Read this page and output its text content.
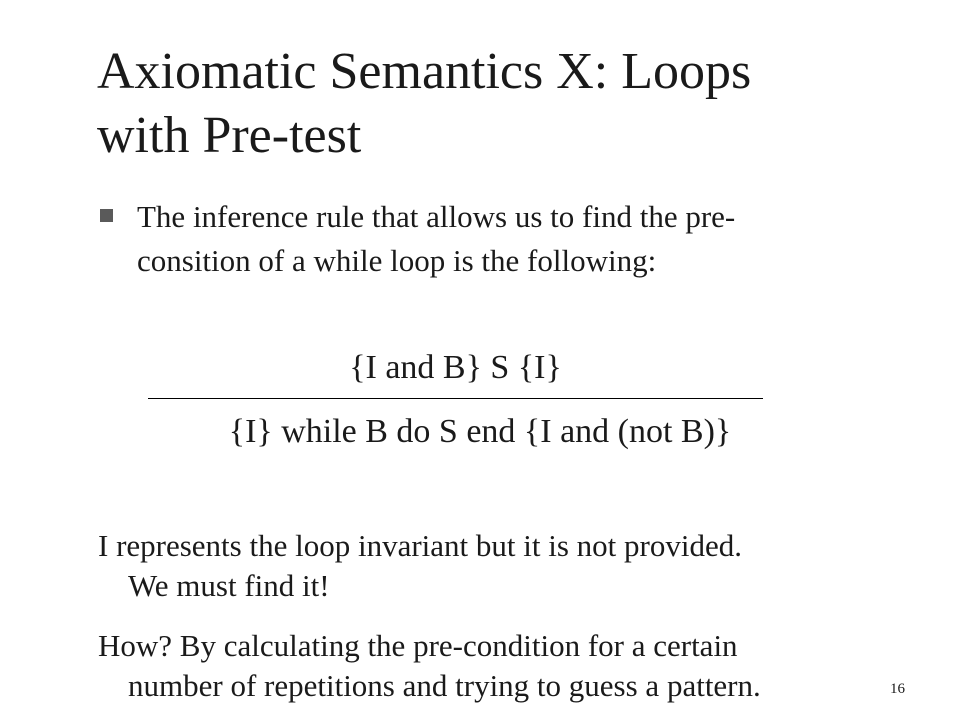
Axiomatic Semantics X: Loops
with Pre-test
The inference rule that allows us to find the pre-
consition of a while loop is the following:
{I and B} S {I}
{I} while B do S end {I and (not B)}
I represents the loop invariant but it is not provided.
We must find it!
How? By calculating the pre-condition for a certain
number of repetitions and trying to guess a pattern.	16
